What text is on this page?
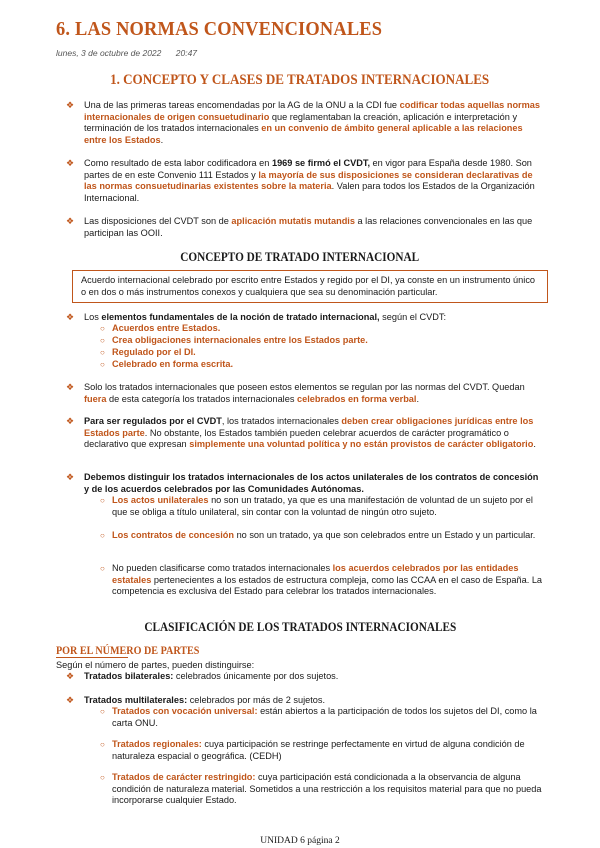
6. LAS NORMAS CONVENCIONALES
lunes, 3 de octubre de 2022 20:47
1. CONCEPTO Y CLASES DE TRATADOS INTERNACIONALES
❖ Una de las primeras tareas encomendadas por la AG de la ONU a la CDI fue codificar todas aquellas normas internacionales de origen consuetudinario que reglamentaban la creación, aplicación e interpretación y terminación de los tratados internacionales en un convenio de ámbito general aplicable a las relaciones entre los Estados.
❖ Como resultado de esta labor codificadora en 1969 se firmó el CVDT, en vigor para España desde 1980. Son partes de en este Convenio 111 Estados y la mayoría de sus disposiciones se consideran declarativas de las normas consuetudinarias existentes sobre la materia. Valen para todos los Estados de la Organización Internacional.
❖ Las disposiciones del CVDT son de aplicación mutatis mutandis a las relaciones convencionales en las que participan las OOII.
CONCEPTO DE TRATADO INTERNACIONAL
Acuerdo internacional celebrado por escrito entre Estados y regido por el DI, ya conste en un instrumento único o en dos o más instrumentos conexos y cualquiera que sea su denominación particular.
❖ Los elementos fundamentales de la noción de tratado internacional, según el CVDT:
○ Acuerdos entre Estados.
○ Crea obligaciones internacionales entre los Estados parte.
○ Regulado por el DI.
○ Celebrado en forma escrita.
❖ Solo los tratados internacionales que poseen estos elementos se regulan por las normas del CVDT. Quedan fuera de esta categoría los tratados internacionales celebrados en forma verbal.
❖ Para ser regulados por el CVDT, los tratados internacionales deben crear obligaciones jurídicas entre los Estados parte. No obstante, los Estados también pueden celebrar acuerdos de carácter programático o declarativo que expresan simplemente una voluntad política y no están provistos de carácter obligatorio.
❖ Debemos distinguir los tratados internacionales de los actos unilaterales de los contratos de concesión y de los acuerdos celebrados por las Comunidades Autónomas.
○ Los actos unilaterales no son un tratado, ya que es una manifestación de voluntad de un sujeto por el que se obliga a título unilateral, sin contar con la voluntad de ningún otro sujeto.
○ Los contratos de concesión no son un tratado, ya que son celebrados entre un Estado y un particular.
○ No pueden clasificarse como tratados internacionales los acuerdos celebrados por las entidades estatales pertenecientes a los estados de estructura compleja, como las CCAA en el caso de España. La competencia es exclusiva del Estado para celebrar los tratados internacionales.
CLASIFICACIÓN DE LOS TRATADOS INTERNACIONALES
POR EL NÚMERO DE PARTES
Según el número de partes, pueden distinguirse:
❖ Tratados bilaterales: celebrados únicamente por dos sujetos.
❖ Tratados multilaterales: celebrados por más de 2 sujetos.
○ Tratados con vocación universal: están abiertos a la participación de todos los sujetos del DI, como la carta ONU.
○ Tratados regionales: cuya participación se restringe perfectamente en virtud de alguna condición de naturaleza espacial o geográfica. (CEDH)
○ Tratados de carácter restringido: cuya participación está condicionada a la observancia de alguna condición de naturaleza material. Sometidos a una restricción a los requisitos material para que no pueda incorporarse cualquier Estado.
UNIDAD 6 página 2
